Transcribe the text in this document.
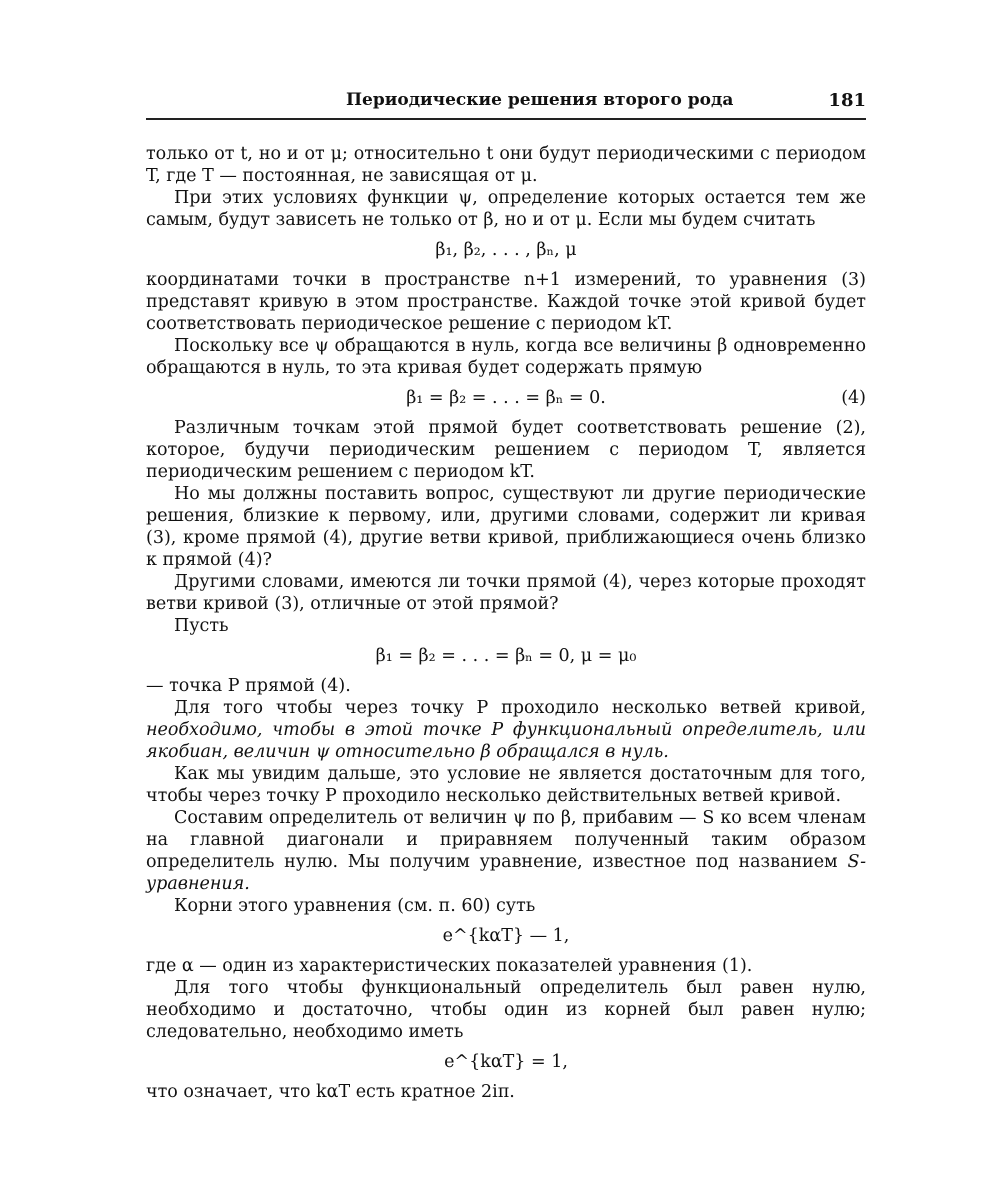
Периодические решения второго рода	181

только от t, но и от μ; относительно t они будут периодическими с периодом T, где T — постоянная, не зависящая от μ.

При этих условиях функции ψ, определение которых остается тем же самым, будут зависеть не только от β, но и от μ. Если мы будем считать

β₁, β₂, . . . , βₙ, μ

координатами точки в пространстве n+1 измерений, то уравнения (3) представят кривую в этом пространстве. Каждой точке этой кривой будет соответствовать периодическое решение с периодом kT.

Поскольку все ψ обращаются в нуль, когда все величины β одновременно обращаются в нуль, то эта кривая будет содержать прямую

β₁ = β₂ = . . . = βₙ = 0.	(4)

Различным точкам этой прямой будет соответствовать решение (2), которое, будучи периодическим решением с периодом T, является периодическим решением с периодом kT.

Но мы должны поставить вопрос, существуют ли другие периодические решения, близкие к первому, или, другими словами, содержит ли кривая (3), кроме прямой (4), другие ветви кривой, приближающиеся очень близко к прямой (4)?

Другими словами, имеются ли точки прямой (4), через которые проходят ветви кривой (3), отличные от этой прямой?

Пусть

β₁ = β₂ = . . . = βₙ = 0, μ = μ₀

— точка P прямой (4).

Для того чтобы через точку P проходило несколько ветвей кривой, необходимо, чтобы в этой точке P функциональный определитель, или якобиан, величин ψ относительно β обращался в нуль.

Как мы увидим дальше, это условие не является достаточным для того, чтобы через точку P проходило несколько действительных ветвей кривой.

Составим определитель от величин ψ по β, прибавим — S ко всем членам на главной диагонали и приравняем полученный таким образом определитель нулю. Мы получим уравнение, известное под названием S-уравнения.

Корни этого уравнения (см. п. 60) суть

e^{kαT} — 1,

где α — один из характеристических показателей уравнения (1).

Для того чтобы функциональный определитель был равен нулю, необходимо и достаточно, чтобы один из корней был равен нулю; следовательно, необходимо иметь

e^{kαT} = 1,

что означает, что kαT есть кратное 2iπ.
